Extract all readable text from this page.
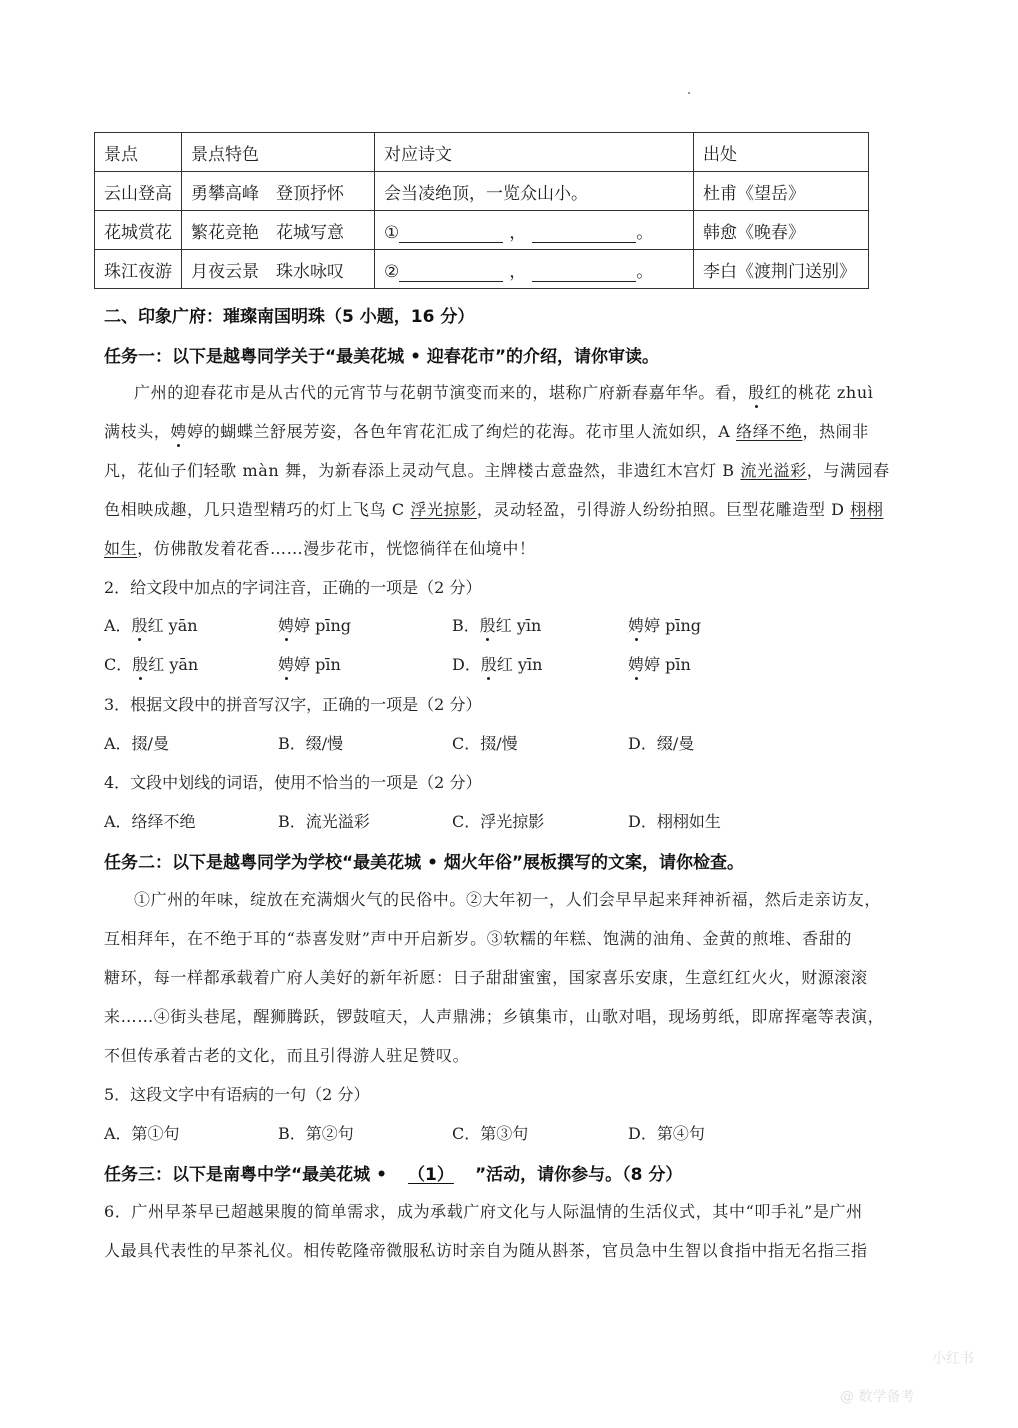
景点	景点特色	对应诗文	出处
云山登高	勇攀高峰　登顶抒怀	会当凌绝顶，一览众山小。	杜甫《望岳》
花城赏花	繁花竞艳　花城写意	① ， 。	韩愈《晚春》
珠江夜游	月夜云景　珠水咏叹	② ， 。	李白《渡荆门送别》
二、印象广府：璀璨南国明珠（5 小题，16 分）
任务一：以下是越粤同学关于“最美花城 • 迎春花市”的介绍，请你审读。
广州的迎春花市是从古代的元宵节与花朝节演变而来的，堪称广府新春嘉年华。看，殷红的桃花 zhuì
满枝头，娉婷的蝴蝶兰舒展芳姿，各色年宵花汇成了绚烂的花海。花市里人流如织，A 络绎不绝，热闹非
凡，花仙子们轻歌 màn 舞，为新春添上灵动气息。主牌楼古意盎然，非遗红木宫灯 B 流光溢彩，与满园春
色相映成趣，几只造型精巧的灯上飞鸟 C 浮光掠影，灵动轻盈，引得游人纷纷拍照。巨型花雕造型 D 栩栩
如生，仿佛散发着花香……漫步花市，恍惚徜徉在仙境中！
2．给文段中加点的字词注音，正确的一项是（2 分）
A．殷红 yān	娉婷 pīng	B．殷红 yīn	娉婷 pīng
C．殷红 yān	娉婷 pīn	D．殷红 yīn	娉婷 pīn
3．根据文段中的拼音写汉字，正确的一项是（2 分）
A．掇/曼	B．缀/慢	C．掇/慢	D．缀/曼
4．文段中划线的词语，使用不恰当的一项是（2 分）
A．络绎不绝	B．流光溢彩	C．浮光掠影	D．栩栩如生
任务二：以下是越粤同学为学校“最美花城 • 烟火年俗”展板撰写的文案，请你检查。
①广州的年味，绽放在充满烟火气的民俗中。②大年初一，人们会早早起来拜神祈福，然后走亲访友，
互相拜年，在不绝于耳的“恭喜发财”声中开启新岁。③软糯的年糕、饱满的油角、金黄的煎堆、香甜的
糖环，每一样都承载着广府人美好的新年祈愿：日子甜甜蜜蜜，国家喜乐安康，生意红红火火，财源滚滚
来……④街头巷尾，醒狮腾跃，锣鼓喧天，人声鼎沸；乡镇集市，山歌对唱，现场剪纸，即席挥毫等表演，
不但传承着古老的文化，而且引得游人驻足赞叹。
5．这段文字中有语病的一句（2 分）
A．第①句	B．第②句	C．第③句	D．第④句
任务三：以下是南粤中学“最美花城 • （1） ”活动，请你参与。（8 分）
6．广州早茶早已超越果腹的简单需求，成为承载广府文化与人际温情的生活仪式，其中“叩手礼”是广州
人最具代表性的早茶礼仪。相传乾隆帝微服私访时亲自为随从斟茶，官员急中生智以食指中指无名指三指
小红书
@ 数学备考
